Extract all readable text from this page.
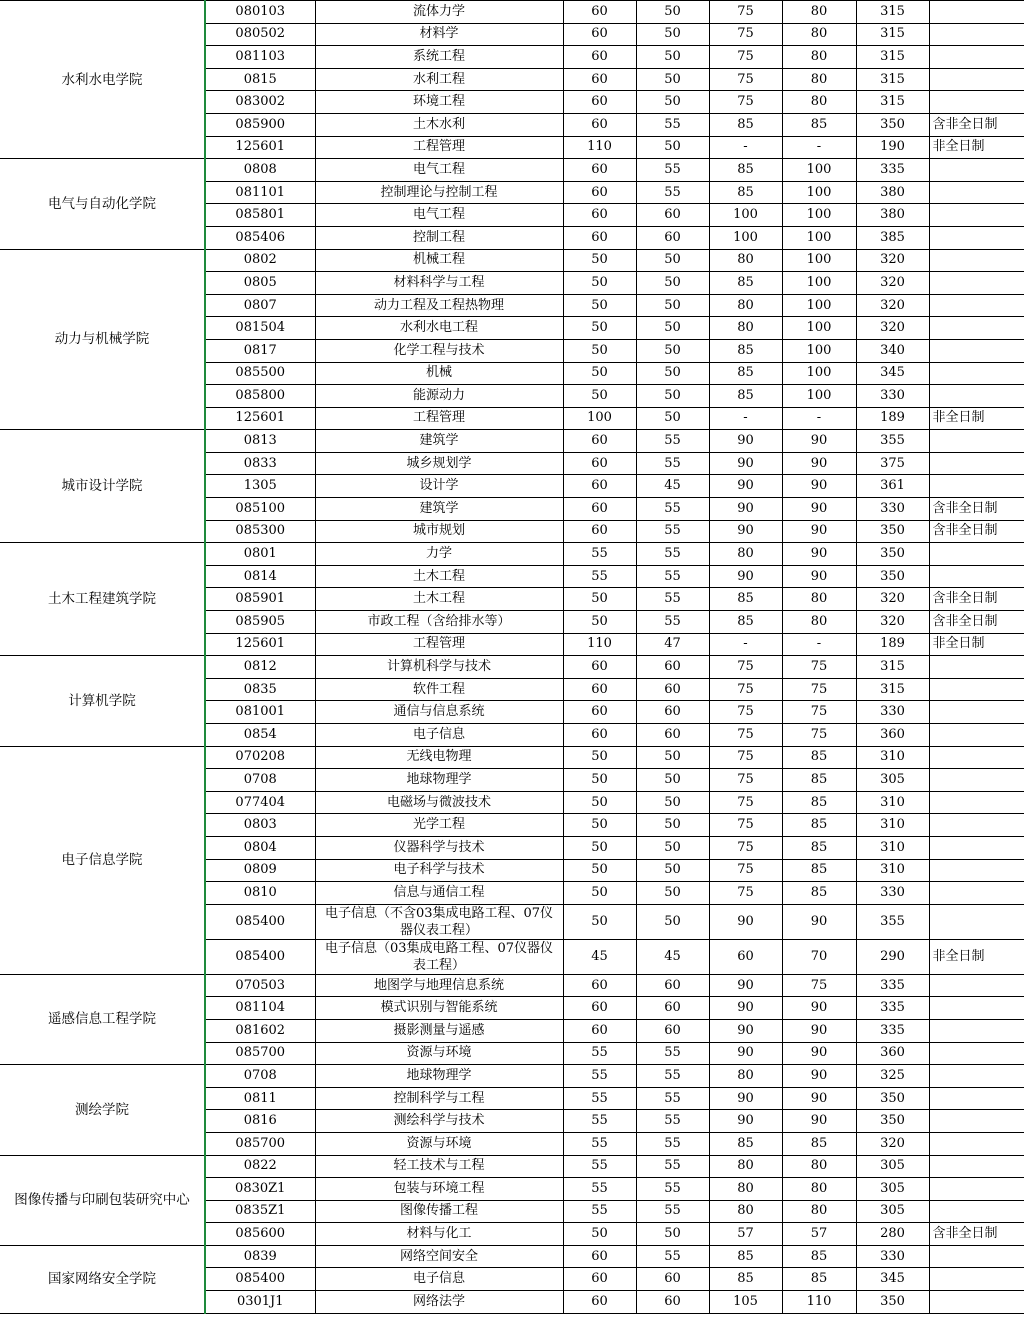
水利水电学院	080103	流体力学	60	50	75	80	315	
	080502	材料学	60	50	75	80	315	
	081103	系统工程	60	50	75	80	315	
	0815	水利工程	60	50	75	80	315	
	083002	环境工程	60	50	75	80	315	
	085900	土木水利	60	55	85	85	350	含非全日制
	125601	工程管理	110	50	-	-	190	非全日制
电气与自动化学院	0808	电气工程	60	55	85	100	335	
	081101	控制理论与控制工程	60	55	85	100	380	
	085801	电气工程	60	60	100	100	380	
	085406	控制工程	60	60	100	100	385	
动力与机械学院	0802	机械工程	50	50	80	100	320	
	0805	材料科学与工程	50	50	85	100	320	
	0807	动力工程及工程热物理	50	50	80	100	320	
	081504	水利水电工程	50	50	80	100	320	
	0817	化学工程与技术	50	50	85	100	340	
	085500	机械	50	50	85	100	345	
	085800	能源动力	50	50	85	100	330	
	125601	工程管理	100	50	-	-	189	非全日制
城市设计学院	0813	建筑学	60	55	90	90	355	
	0833	城乡规划学	60	55	90	90	375	
	1305	设计学	60	45	90	90	361	
	085100	建筑学	60	55	90	90	330	含非全日制
	085300	城市规划	60	55	90	90	350	含非全日制
土木工程建筑学院	0801	力学	55	55	80	90	350	
	0814	土木工程	55	55	90	90	350	
	085901	土木工程	50	55	85	80	320	含非全日制
	085905	市政工程（含给排水等）	50	55	85	80	320	含非全日制
	125601	工程管理	110	47	-	-	189	非全日制
计算机学院	0812	计算机科学与技术	60	60	75	75	315	
	0835	软件工程	60	60	75	75	315	
	081001	通信与信息系统	60	60	75	75	330	
	0854	电子信息	60	60	75	75	360	
电子信息学院	070208	无线电物理	50	50	75	85	310	
	0708	地球物理学	50	50	75	85	305	
	077404	电磁场与微波技术	50	50	75	85	310	
	0803	光学工程	50	50	75	85	310	
	0804	仪器科学与技术	50	50	75	85	310	
	0809	电子科学与技术	50	50	75	85	310	
	0810	信息与通信工程	50	50	75	85	330	
	085400	电子信息（不含03集成电路工程、07仪器仪表工程）	50	50	90	90	355	
	085400	电子信息（03集成电路工程、07仪器仪表工程）	45	45	60	70	290	非全日制
遥感信息工程学院	070503	地图学与地理信息系统	60	60	90	75	335	
	081104	模式识别与智能系统	60	60	90	90	335	
	081602	摄影测量与遥感	60	60	90	90	335	
	085700	资源与环境	55	55	90	90	360	
测绘学院	0708	地球物理学	55	55	80	90	325	
	0811	控制科学与工程	55	55	90	90	350	
	0816	测绘科学与技术	55	55	90	90	350	
	085700	资源与环境	55	55	85	85	320	
图像传播与印刷包装研究中心	0822	轻工技术与工程	55	55	80	80	305	
	0830Z1	包装与环境工程	55	55	80	80	305	
	0835Z1	图像传播工程	55	55	80	80	305	
	085600	材料与化工	50	50	57	57	280	含非全日制
国家网络安全学院	0839	网络空间安全	60	55	85	85	330	
	085400	电子信息	60	60	85	85	345	
	0301J1	网络法学	60	60	105	110	350	
